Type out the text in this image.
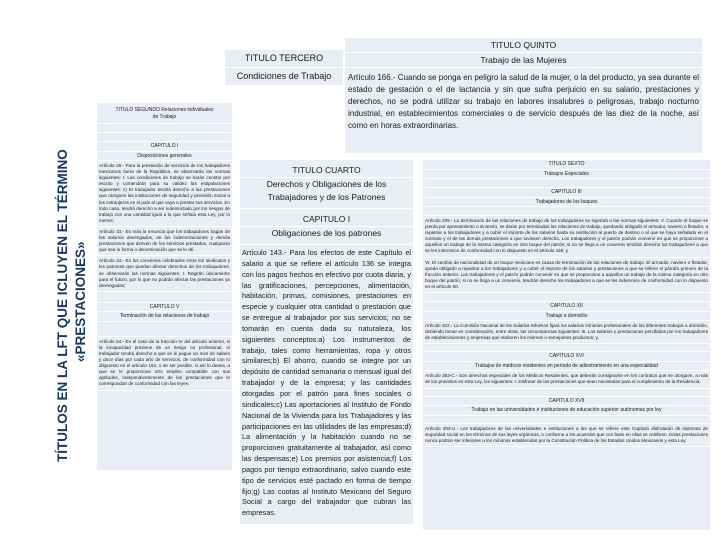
TÍTULOS EN LA LFT QUE ICLUYEN EL TÉRMINO «PRESTACIONES»
TITULO SEGUNDO Relaciones individuales de Trabajo
CAPITULO I
Disposiciones generales
Artículo 28.- Para la prestación de servicios de los trabajadores mexicanos fuera de la República, se observarán las normas siguientes: I. Las condiciones de trabajo se harán constar por escrito y contendrán para su validez las estipulaciones siguientes: c) El trabajador tendrá derecho a las prestaciones que otorguen las instituciones de seguridad y previsión social a los extranjeros en el país al que vaya a prestar sus servicios. En todo caso, tendrá derecho a ser indemnizado por los riesgos de trabajo con una cantidad igual a la que señala esta Ley, por lo menos;
Artículo 33.- Es nula la renuncia que los trabajadores hagan de los salarios devengados, de las indemnizaciones y demás prestaciones que deriven de los servicios prestados, cualquiera que sea la forma o denominación que se le dé.
Artículo 34.- En los convenios celebrados entre los sindicatos y los patrones que puedan afectar derechos de los trabajadores, se observarán las normas siguientes: I. Regirán únicamente para el futuro, por lo que no podrán afectar las prestaciones ya devengadas;
CAPITULO V
Terminación de las relaciones de trabajo
Artículo 54.- En el caso de la fracción IV del artículo anterior, si la incapacidad proviene de un riesgo no profesional, el trabajador tendrá derecho a que se le pague un mes de salario y doce días por cada año de servicios, de conformidad con lo dispuesto en el artículo 162, o de ser posible, si así lo desea, a que se le proporcione otro empleo compatible con sus aptitudes, independientemente de las prestaciones que le correspondan de conformidad con las leyes.
TITULO TERCERO
Condiciones de Trabajo
TITULO QUINTO
Trabajo de las Mujeres
Artículo 166.- Cuando se ponga en peligro la salud de la mujer, o la del producto, ya sea durante el estado de gestación o el de lactancia y sin que sufra perjuicio en su salario, prestaciones y derechos, no se podrá utilizar su trabajo en labores insalubres o peligrosas, trabajo nocturno industrial, en establecimientos comerciales o de servicio después de las diez de la noche, así como en horas extraordinarias.
TITULO CUARTO
Derechos y Obligaciones de los Trabajadores y de los Patrones
CAPITULO I
Obligaciones de los patrones
Artículo 143.- Para los efectos de este Capítulo el salario a que se refiere el artículo 136 se integra con los pagos hechos en efectivo por cuota diaria, y las gratificaciones, percepciones, alimentación, habitación, primas, comisiones, prestaciones en especie y cualquier otra cantidad o prestación que se entregue al trabajador por sus servicios; no se tomarán en cuenta dada su naturaleza, los siguientes conceptos:a) Los instrumentos de trabajo, tales como herramientas, ropa y otros similares;b) El ahorro, cuando se integre por un depósito de cantidad semanaria o mensual igual del trabajador y de la empresa; y las cantidades otorgadas por el patrón para fines sociales o sindicales;c) Las aportaciones al Instituto de Fondo Nacional de la Vivienda para los Trabajadores y las participaciones en las utilidades de las empresas;d) La alimentación y la habitación cuando no se proporcionen gratuitamente al trabajador, así como las despensas;e) Los premios por asistencia;f) Los pagos por tiempo extraordinario, salvo cuando este tipo de servicios esté pactado en forma de tiempo fijo;g) Las cuotas al Instituto Mexicano del Seguro Social a cargo del trabajador que cubran las empresas.
TITULO SEXTO
Trabajos Especiales
CAPITULO III
Trabajadores de los buques
Artículo 209.- La terminación de las relaciones de trabajo de los trabajadores se sujetará a las normas siguientes: V. Cuando el buque se pierda por apresamiento o siniestro, se darán por terminadas las relaciones de trabajo, quedando obligado el armador, naviero o fletador, a repatriar a los trabajadores y a cubrir el importe de los salarios hasta su restitución al puerto de destino o al que se haya señalado en el contrato y el de las demás prestaciones a que tuviesen derecho. Los trabajadores y el patrón podrán convenir en que se proporcione a aquellos un trabajo de la misma categoría en otro buque del patrón; si no se llega a un convenio tendrán derecho los trabajadores a que se les indemnice de conformidad con lo dispuesto en el artículo 436; y
VI. El cambio de nacionalidad de un buque mexicano es causa de terminación de las relaciones de trabajo. El armador, naviero o fletador, queda obligado a repatriar a los trabajadores y a cubrir el importe de los salarios y prestaciones a que se refiere el párrafo primero de la fracción anterior. Los trabajadores y el patrón podrán convenir en que se proporcione a aquellos un trabajo de la misma categoría en otro buque del patrón; si no se llega a un convenio, tendrán derecho los trabajadores a que se les indemnice de conformidad con lo dispuesto en el artículo 50.
CAPITULO XII
Trabajo a domicilio
Artículo 322.- La Comisión Nacional de los Salarios Mínimos fijará los salarios mínimos profesionales de los diferentes trabajos a domicilio, debiendo tomar en consideración, entre otras, las circunstancias siguientes: III. Los salarios y prestaciones percibidos por los trabajadores de establecimientos y empresas que elaboren los mismos o semejantes productos; y,
CAPITULO XVI
Trabajos de médicos residentes en período de adiestramiento en una especialidad
Artículo 353-C.- Son derechos especiales de los Médicos Residentes, que deberán consignarse en los contratos que se otorguen, a más de los previstos en esta Ley, los siguientes: I. Disfrutar de las prestaciones que sean necesarias para el cumplimiento de la Residencia;
CAPITULO XVII
Trabajo en las universidades e instituciones de educación superior autónomas por ley
Artículo 353-U.- Los trabajadores de las universidades e instituciones a las que se refiere este Capítulo disfrutarán de sistemas de seguridad social en los términos de sus leyes orgánicas, o conforme a los acuerdos que con base en ellas se celebren. Estas prestaciones nunca podrán ser inferiores a los mínimos establecidos por la Constitución Política de los Estados Unidos Mexicanos y esta Ley.
